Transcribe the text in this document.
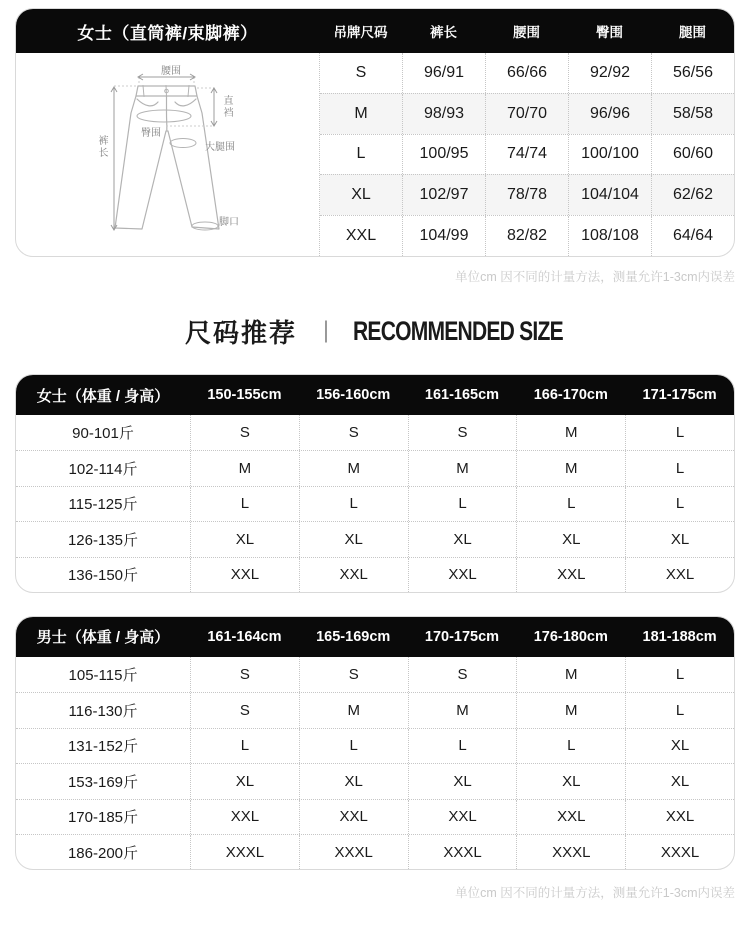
女士（直筒裤/束脚裤）	吊牌尺码	裤长	腰围	臀围	腿围
腰围
裤长
直裆
臀围
大腿围
脚口
S	96/91	66/66	92/92	56/56
M	98/93	70/70	96/96	58/58
L	100/95	74/74	100/100	60/60
XL	102/97	78/78	104/104	62/62
XXL	104/99	82/82	108/108	64/64
单位cm 因不同的计量方法，测量允许1-3cm内误差
尺码推荐 ｜ RECOMMENDED SIZE
女士（体重 / 身高）	150-155cm	156-160cm	161-165cm	166-170cm	171-175cm
90-101斤	S	S	S	M	L
102-114斤	M	M	M	M	L
115-125斤	L	L	L	L	L
126-135斤	XL	XL	XL	XL	XL
136-150斤	XXL	XXL	XXL	XXL	XXL
男士（体重 / 身高）	161-164cm	165-169cm	170-175cm	176-180cm	181-188cm
105-115斤	S	S	S	M	L
116-130斤	S	M	M	M	L
131-152斤	L	L	L	L	XL
153-169斤	XL	XL	XL	XL	XL
170-185斤	XXL	XXL	XXL	XXL	XXL
186-200斤	XXXL	XXXL	XXXL	XXXL	XXXL
单位cm 因不同的计量方法，测量允许1-3cm内误差
